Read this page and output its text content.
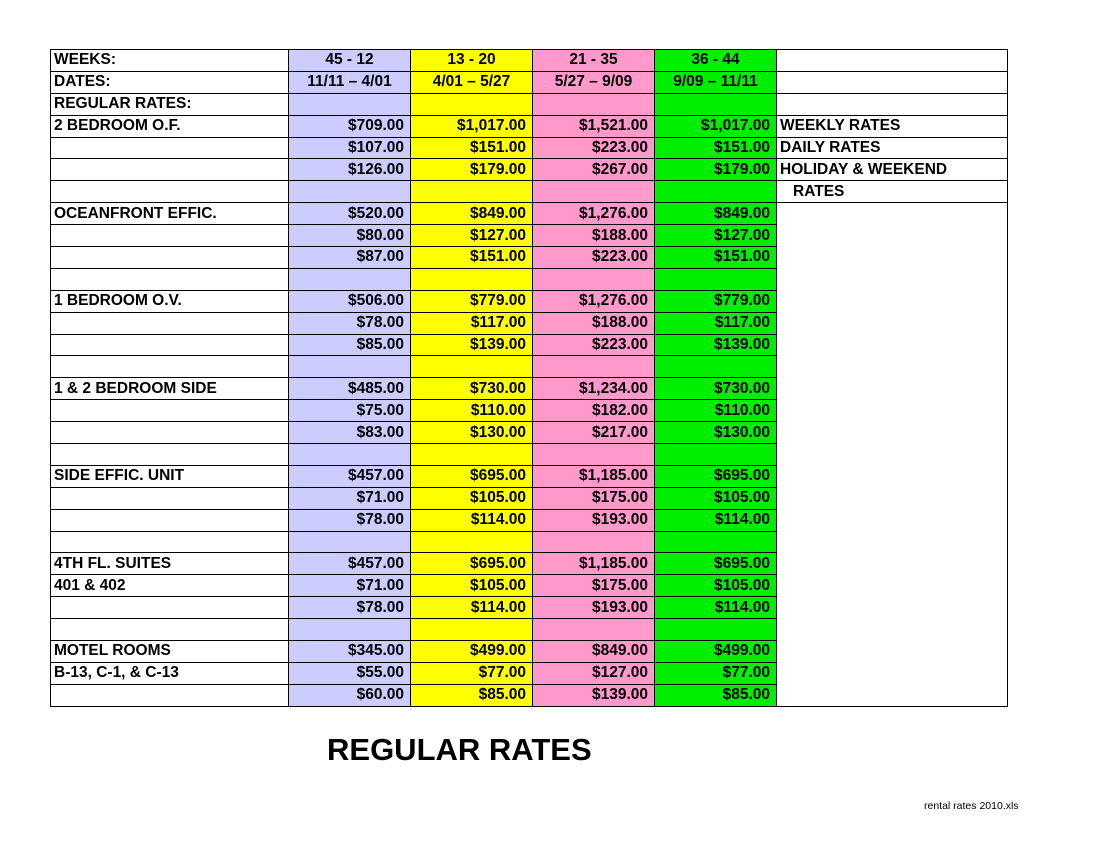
WEEKS:	45 - 12	13 - 20	21 - 35	36 - 44	
DATES:	11/11 – 4/01	4/01 – 5/27	5/27 – 9/09	9/09 – 11/11	
REGULAR RATES:					
2 BEDROOM O.F.	$709.00	$1,017.00	$1,521.00	$1,017.00	WEEKLY RATES
	$107.00	$151.00	$223.00	$151.00	DAILY RATES
	$126.00	$179.00	$267.00	$179.00	HOLIDAY & WEEKEND
					RATES
OCEANFRONT EFFIC.	$520.00	$849.00	$1,276.00	$849.00	
	$80.00	$127.00	$188.00	$127.00	
	$87.00	$151.00	$223.00	$151.00	

1 BEDROOM O.V.	$506.00	$779.00	$1,276.00	$779.00	
	$78.00	$117.00	$188.00	$117.00	
	$85.00	$139.00	$223.00	$139.00	

1 & 2 BEDROOM SIDE	$485.00	$730.00	$1,234.00	$730.00	
	$75.00	$110.00	$182.00	$110.00	
	$83.00	$130.00	$217.00	$130.00	

SIDE EFFIC. UNIT	$457.00	$695.00	$1,185.00	$695.00	
	$71.00	$105.00	$175.00	$105.00	
	$78.00	$114.00	$193.00	$114.00	

4TH FL. SUITES	$457.00	$695.00	$1,185.00	$695.00	
401 & 402	$71.00	$105.00	$175.00	$105.00	
	$78.00	$114.00	$193.00	$114.00	

MOTEL ROOMS	$345.00	$499.00	$849.00	$499.00	
B-13, C-1, & C-13	$55.00	$77.00	$127.00	$77.00	
	$60.00	$85.00	$139.00	$85.00	
REGULAR RATES
rental rates 2010.xls
